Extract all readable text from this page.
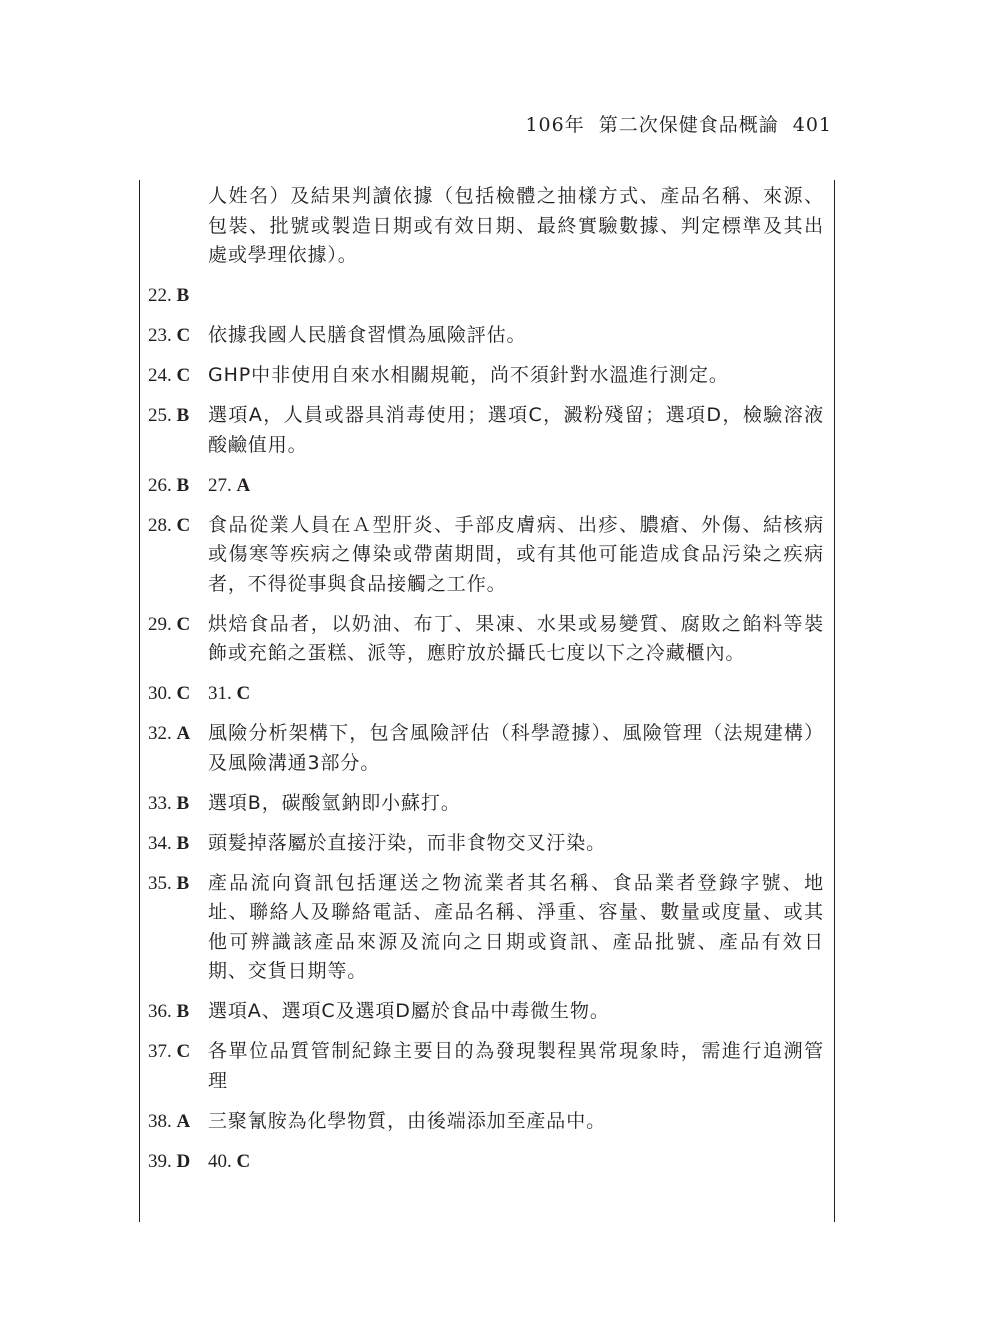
106年 第二次保健食品概論 401
人姓名）及結果判讀依據（包括檢體之抽樣方式、產品名稱、來源、包裝、批號或製造日期或有效日期、最終實驗數據、判定標準及其出處或學理依據）。
22. B
23. C 依據我國人民膳食習慣為風險評估。
24. C GHP中非使用自來水相關規範，尚不須針對水溫進行測定。
25. B 選項A，人員或器具消毒使用；選項C，澱粉殘留；選項D，檢驗溶液酸鹼值用。
26. B 27. A
28. C 食品從業人員在Ａ型肝炎、手部皮膚病、出疹、膿瘡、外傷、結核病或傷寒等疾病之傳染或帶菌期間，或有其他可能造成食品污染之疾病者，不得從事與食品接觸之工作。
29. C 烘焙食品者，以奶油、布丁、果凍、水果或易變質、腐敗之餡料等裝飾或充餡之蛋糕、派等，應貯放於攝氏七度以下之冷藏櫃內。
30. C 31. C
32. A 風險分析架構下，包含風險評估（科學證據）、風險管理（法規建構）及風險溝通3部分。
33. B 選項B，碳酸氫鈉即小蘇打。
34. B 頭髮掉落屬於直接汙染，而非食物交叉汙染。
35. B 產品流向資訊包括運送之物流業者其名稱、食品業者登錄字號、地址、聯絡人及聯絡電話、產品名稱、淨重、容量、數量或度量、或其他可辨識該產品來源及流向之日期或資訊、產品批號、產品有效日期、交貨日期等。
36. B 選項A、選項C及選項D屬於食品中毒微生物。
37. C 各單位品質管制紀錄主要目的為發現製程異常現象時，需進行追溯管理
38. A 三聚氰胺為化學物質，由後端添加至產品中。
39. D 40. C
